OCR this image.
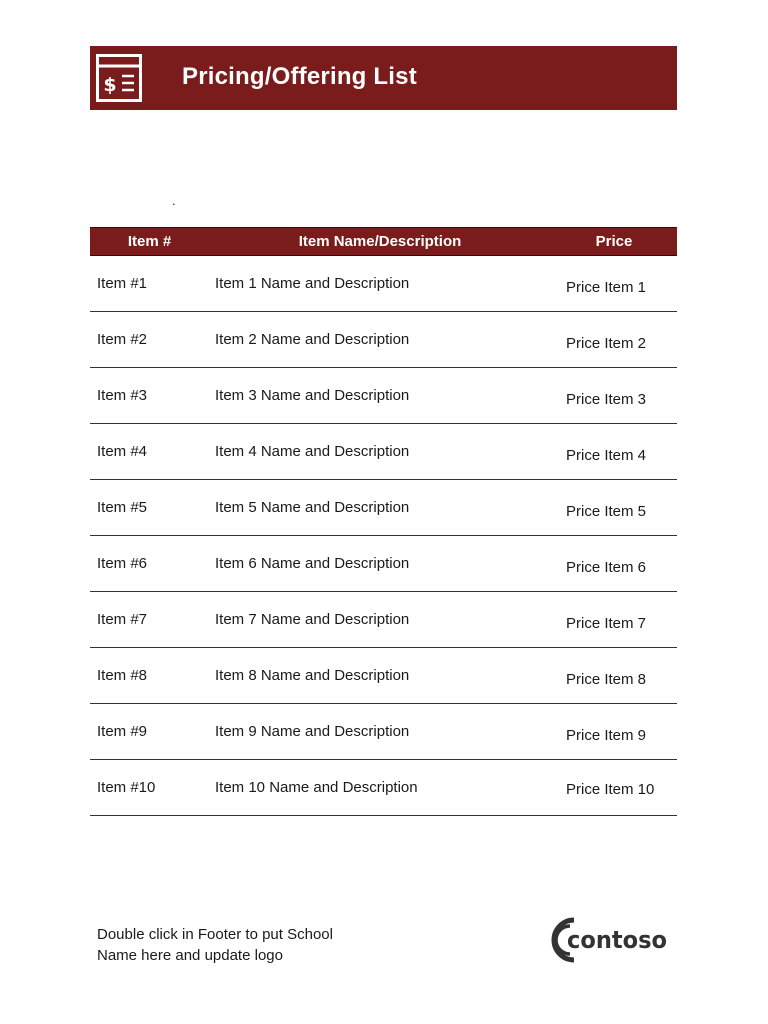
$	Pricing/Offering List
.
Item #	Item Name/Description	Price
Item #1	Item 1 Name and Description	Price Item 1
Item #2	Item 2 Name and Description	Price Item 2
Item #3	Item 3 Name and Description	Price Item 3
Item #4	Item 4 Name and Description	Price Item 4
Item #5	Item 5 Name and Description	Price Item 5
Item #6	Item 6 Name and Description	Price Item 6
Item #7	Item 7 Name and Description	Price Item 7
Item #8	Item 8 Name and Description	Price Item 8
Item #9	Item 9 Name and Description	Price Item 9
Item #10	Item 10 Name and Description	Price Item 10
Double click in Footer to put School
Name here and update logo
contoso
